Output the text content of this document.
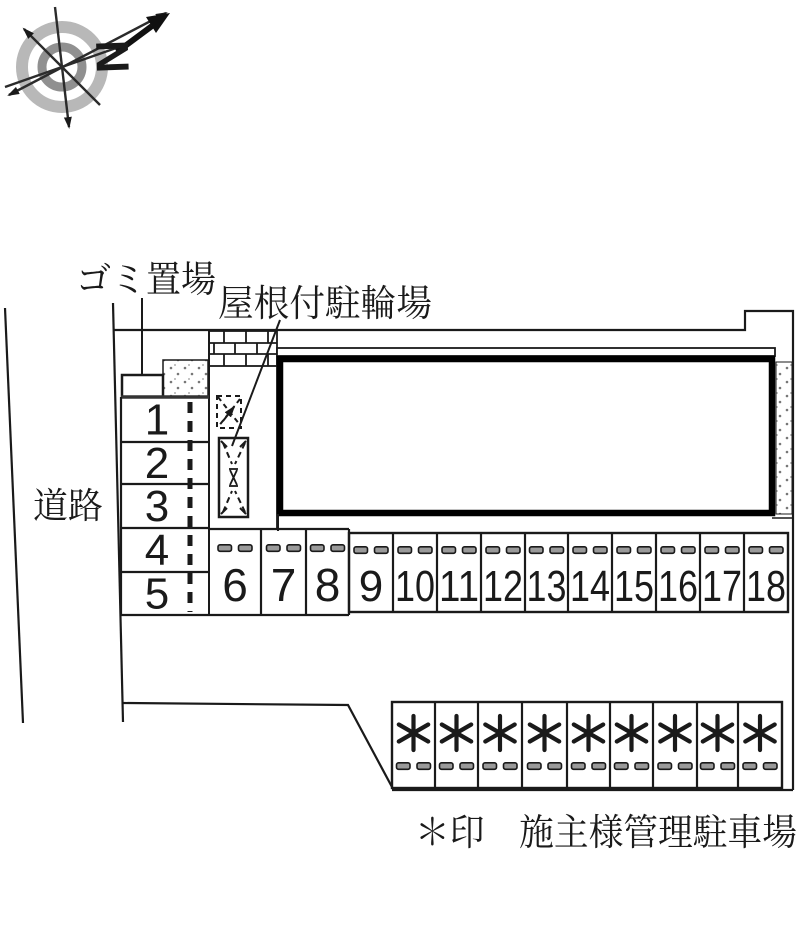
N
ゴミ置場
屋根付駐輪場
道路
1
2
3
4
5 6 7 8 9 10 11 12 13 14 15 16 17 18
＊印　施主様管理駐車場
